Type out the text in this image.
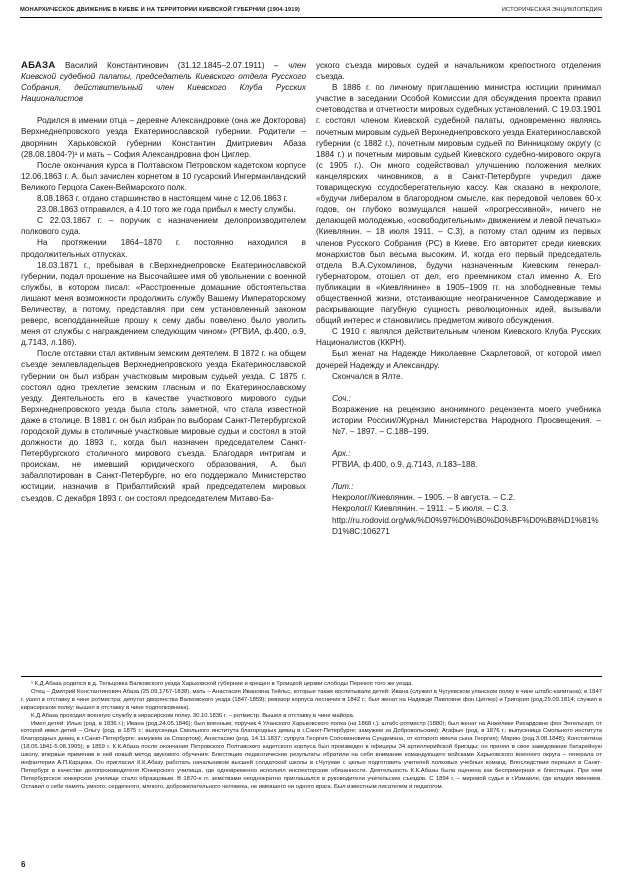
МОНАРХИЧЕСКОЕ ДВИЖЕНИЕ В КИЕВЕ И НА ТЕРРИТОРИИ КИЕВСКОЙ ГУБЕРНИИ (1904-1919)	ИСТОРИЧЕСКАЯ ЭНЦИКЛОПЕДИЯ

АБАЗА Василий Константинович (31.12.1845–2.07.1911) – член Киевской судебной палаты, председатель Киевского отдела Русского Собрания, действительный член Киевского Клуба Русских Националистов

Родился в имении отца – деревне Александровке (она же Докторова) Верхнеднепровского уезда Екатеринославской губернии. Родители – дворянин Харьковской губернии Константин Дмитриевич Абаза (28.08.1804-?)¹ и мать – София Александровна фон Циглер.

После окончания курса в Полтавском Петровском кадетском корпусе 12.06.1863 г. А. был зачислен корнетом в 10 гусарский Ингерманландский Великого Герцога Сакен-Веймарского полк.

8.08.1863 г. отдано старшинство в настоящем чине с 12.06.1863 г.

23.08.1863 отправился, а 4.10 того же года прибыл к месту службы.

С 22.03.1867 г. – поручик с назначением делопроизводителем полкового суда.

На протяжении 1864–1870 г. постоянно находился в продолжительных отпусках.

18.03.1871 г., пребывая в г.Верхнеднепровске Екатеринославской губернии, подал прошение на Высочайшее имя об увольнении с военной службы, в котором писал: «Расстроенные домашние обстоятельства лишают меня возможности продолжить службу Вашему Императорскому Величеству, а потому, представляя при сем установленный законом реверс, всеподданнейше прошу к сему дабы повелено было уволить меня от службы с награждением следующим чином» (РГВИА, ф.400, о.9, д.7143, л.186).

После отставки стал активным земским деятелем. В 1872 г. на общем съезде землевладельцев Верхнеднепровского уезда Екатеринославской губернии он был избран участковым мировым судьей уезда. С 1875 г. состоял одно трехлетие земским гласным и по Екатеринославскому уезду. Деятельность его в качестве участкового мирового судьи Верхнеднепровского уезда была столь заметной, что стала известной даже в столице. В 1881 г. он был избран по выборам Санкт-Петербургской городской думы в столичные участковые мировые судьи и состоял в этой должности до 1893 г., когда был назначен председателем Санкт-Петербургского столичного мирового съезда. Благодаря интригам и проискам, не имевший юридического образования, А. был забаллотирован в Санкт-Петербурге, но его поддержало Министерство юстиции, назначив в Прибалтийский край председателем мировых съездов. С декабря 1893 г. он состоял председателем Митаво-Ба-

уского съезда мировых судей и начальником крепостного отделения съезда.

В 1886 г. по личному приглашению министра юстиции принимал участие в заседании Особой Комиссии для обсуждения проекта правил счетоводства и отчетности мировых судебных установлений. С 19.03.1901 г. состоял членом Киевской судебной палаты, одновременно являясь почетным мировым судьей Верхнеднепровского уезда Екатеринославской губернии (с 1882 г.), почетным мировым судьей по Винницкому округу (с 1884 г.) и почетным мировым судьей Киевского судебно-мирового округа (с 1905 г.). Он много содействовал улучшению положения мелких канцелярских чиновников, а в Санкт-Петербурге учредил даже товарищескую ссудосберегательную кассу. Как сказано в некрологе, «будучи либералом в благородном смысле, как передовой человек 60-х годов, он глубоко возмущался нашей «прогрессивной», ничего не делающей молодежью, «освободительным» движением и левой печатью» (Киевлянин. – 18 июля 1911. – С.3), а потому стал одним из первых членов Русского Собрания (РС) в Киеве. Его авторитет среди киевских монархистов был весьма высоким. И, когда его первый председатель отдела В.А.Сухомлинов, будучи назначенным Киевским генерал-губернатором, отошел от дел, его преемником стал именно А. Его публикации в «Киевлянине» в 1905–1909 гг. на злободневные темы общественной жизни, отстаивающие неограниченное Самодержавие и раскрывающие пагубную сущность революционных идей, вызывали общий интерес и становились предметом живого обсуждения.

С 1910 г. являлся действительным членом Киевского Клуба Русских Националистов (ККРН).

Был женат на Надежде Николаевне Скарлетовой, от которой имел дочерей Надежду и Александру.

Скончался в Ялте.

Соч.:

Возражение на рецензию анонимного рецензента моего учебника истории России//Журнал Министерства Народного Просвещения. – №7. – 1897. – С.188–199.

Арх.:

РГВИА, ф.400, о.9, д.7143, л.183–188.

Лит.:

Некролог//Киевлянин. – 1905. – 8 августа. – С.2.

Некролог// Киевлянин. – 1911. – 5 июля. – С.3.

http://ru.rodovid.org/wk/%D0%97%D0%B0%D0%BF%D0%B8%D1%81%D1%8C:106271

¹ К.Д.Абаза родился в д. Тельцовка Валковского уезда Харьковской губернии и крещен в Троицкой церкви слободы Перекоп того же уезда.

Отец – Дмитрий Константинович Абаза (25.09.1767-1838), мать – Анастасия Ивановна Тейльс, которые также воспитывали детей: Ивана (служил в Чугуевском уланском полку в чине штабс-капитана); в 1847 г. ушел в отставку в чине ротмистра; депутат дворянства Валковского уезда (1847-1859); ревизор корпуса лесничих в 1842 г.; был женат на Надежде Павловне фон Циглер) и Григория (род.29.09.1814; служил в кирасирском полку; вышел в отставку в чине подполковника).

К.Д.Абаза проходил военную службу в кирасирском полку. 30.10.1836 г. – ротмистр. Вышел в отставку в чине майора.

Имел детей: Илью (род. в 1836 г.); Ивана (род.24.05.1846); был военным; поручик 4 Уланского Харьковского полка (на 1868 г.); штабс-ротмистр (1880); был женат на Анжелике Рихардовне фон Энгельгарт, от которой имел детей – Ольгу (род. в 1875 г.; выпускница Смольного института благородных девиц в г.Санкт-Петербурге; замужем за Добровольским); Агафью (род. в 1876 г.; выпускница Смольного института благородных девиц в г.Санкт-Петербурге; замужем за Спаортом); Анастасию (род. 14.11.1837; супруга Георгия Соломоновича Сундемана, от которого имела сына Георгия); Марию (род.3.08.1848); Константина (18.05.1841-5.08.1905); в 1859 г. К.К.Абаза после окончания Петровского Полтавского кадетского корпуса был произведен в офицеры 34 артиллерийской бригады; он принял в свое заведование батарейную школу, впервые применив в ней новый метод звукового обучения. Блестящие педагогические результаты обратили на себя внимание командующего войсками Харьковского военного округа – генерала от инфантерии А.П.Карцева. Он пригласил К.К.Абазу работать начальником высшей солдатской школы в г.Чугуеве с целью подготовить учителей полковых учебных команд. Впоследствии перешел в Санкт-Петербург в качестве делопроизводителя Юнкерского училища, где одновременно исполнял инспекторские обязанности. Деятельность К.К.Абазы была оценена как беспримерная и блестящая. При нем Петербургское юнкерское училище стало образцовым. В 1870-е гг. земствами неоднократно приглашался в руководители учительских съездов. С 1894 г. – мировой судья в г.Измаиле, где владел имением. Оставил о себе память умного, сердечного, мягкого, доброжелательного человека, не имевшего ни одного врага. Был известным писателем и педагогом.

6
